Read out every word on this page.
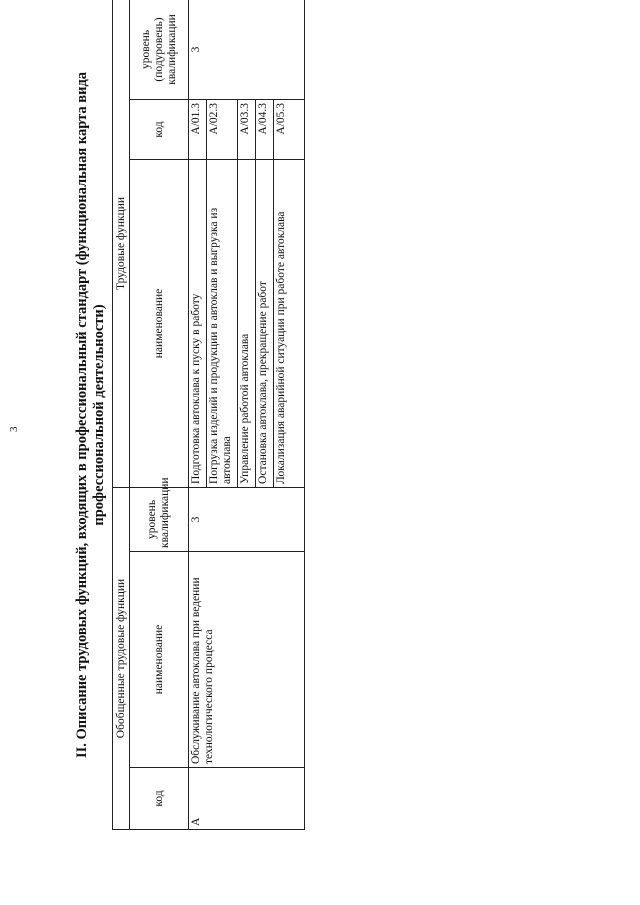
3	II. Описание трудовых функций, входящих в профессиональный стандарт (функциональная карта вида профессиональной деятельности)
Обобщенные трудовые функции			Трудовые функции		
код	наименование	уровень квалификации	наименование	код	уровень (подуровень) квалификации
A	Обслуживание автоклава при ведении технологического процесса	3	Подготовка автоклава к пуску в работу	A/01.3	3
			Погрузка изделий и продукции в автоклав и выгрузка из автоклава	A/02.3	
			Управление работой автоклава	A/03.3	
			Остановка автоклава, прекращение работ	A/04.3	
			Локализация аварийной ситуации при работе автоклава	A/05.3	
